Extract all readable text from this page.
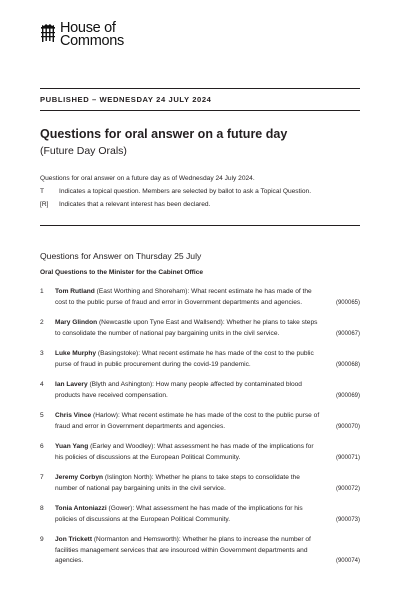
House of
Commons
PUBLISHED – WEDNESDAY 24 JULY 2024
Questions for oral answer on a future day
(Future Day Orals)
Questions for oral answer on a future day as of Wednesday 24 July 2024.
T	Indicates a topical question. Members are selected by ballot to ask a Topical Question.
[R]	Indicates that a relevant interest has been declared.
Questions for Answer on Thursday 25 July
Oral Questions to the Minister for the Cabinet Office
1 Tom Rutland (East Worthing and Shoreham): What recent estimate he has made of the
cost to the public purse of fraud and error in Government departments and agencies.	(900065)
2 Mary Glindon (Newcastle upon Tyne East and Wallsend): Whether he plans to take steps
to consolidate the number of national pay bargaining units in the civil service.	(900067)
3 Luke Murphy (Basingstoke): What recent estimate he has made of the cost to the public
purse of fraud in public procurement during the covid-19 pandemic.	(900068)
4 Ian Lavery (Blyth and Ashington): How many people affected by contaminated blood
products have received compensation.	(900069)
5 Chris Vince (Harlow): What recent estimate he has made of the cost to the public purse of
fraud and error in Government departments and agencies.	(900070)
6 Yuan Yang (Earley and Woodley): What assessment he has made of the implications for
his policies of discussions at the European Political Community.	(900071)
7 Jeremy Corbyn (Islington North): Whether he plans to take steps to consolidate the
number of national pay bargaining units in the civil service.	(900072)
8 Tonia Antoniazzi (Gower): What assessment he has made of the implications for his
policies of discussions at the European Political Community.	(900073)
9 Jon Trickett (Normanton and Hemsworth): Whether he plans to increase the number of
facilities management services that are insourced within Government departments and
agencies.	(900074)
